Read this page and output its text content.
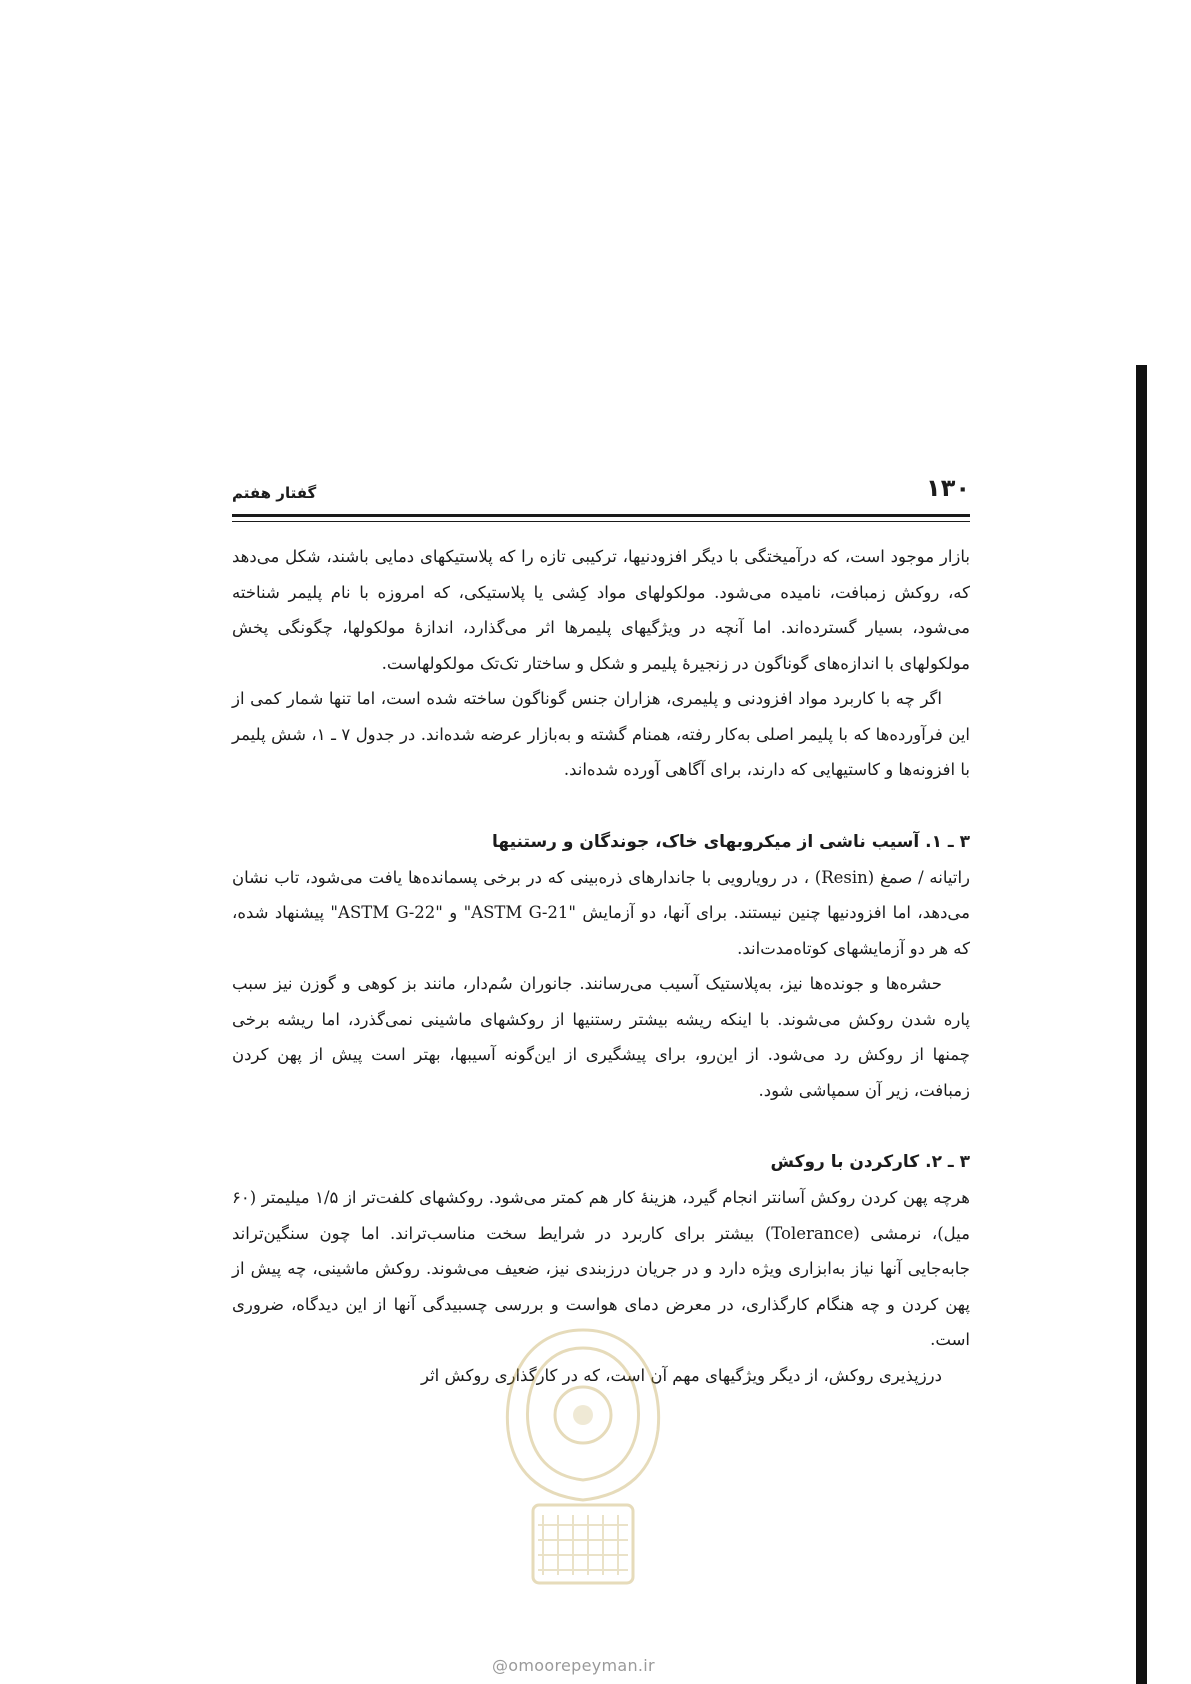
۱۳۰
گفتار هفتم

بازار موجود است، که درآمیختگی با دیگر افزودنیها، ترکیبی تازه را که پلاستیکهای دمایی باشند، شکل می‌دهد که، روکش زمبافت، نامیده می‌شود. مولکولهای مواد کِشی یا پلاستیکی، که امروزه با نام پلیمر شناخته می‌شود، بسیار گسترده‌اند. اما آنچه در ویژگیهای پلیمرها اثر می‌گذارد، اندازهٔ مولکولها، چگونگی پخش مولکولهای با اندازه‌های گوناگون در زنجیرهٔ پلیمر و شکل و ساختار تک‌تک مولکولهاست.

اگر چه با کاربرد مواد افزودنی و پلیمری، هزاران جنس گوناگون ساخته شده است، اما تنها شمار کمی از این فرآورده‌ها که با پلیمر اصلی به‌کار رفته، همنام گشته و به‌بازار عرضه شده‌اند. در جدول ۷ ـ ۱، شش پلیمر با افزونه‌ها و کاستیهایی که دارند، برای آگاهی آورده شده‌اند.

۳ ـ ۱. آسیب ناشی از میکروبهای خاک، جوندگان و رستنیها

راتیانه / صمغ (Resin) ، در رویارویی با جاندارهای ذره‌بینی که در برخی پسمانده‌ها یافت می‌شود، تاب نشان می‌دهد، اما افزودنیها چنین نیستند. برای آنها، دو آزمایش "ASTM G‑21" و "ASTM G‑22" پیشنهاد شده، که هر دو آزمایشهای کوتاه‌مدت‌اند.

حشره‌ها و جونده‌ها نیز، به‌پلاستیک آسیب می‌رسانند. جانوران سُم‌دار، مانند بز کوهی و گوزن نیز سبب پاره شدن روکش می‌شوند. با اینکه ریشه بیشتر رستنیها از روکشهای ماشینی نمی‌گذرد، اما ریشه برخی چمنها از روکش رد می‌شود. از این‌رو، برای پیشگیری از این‌گونه آسیبها، بهتر است پیش از پهن کردن زمبافت، زیر آن سمپاشی شود.

۳ ـ ۲. کارکردن با روکش

هرچه پهن کردن روکش آسانتر انجام گیرد، هزینهٔ کار هم کمتر می‌شود. روکشهای کلفت‌تر از ۱/۵ میلیمتر (۶۰ میل)، نرمشی (Tolerance) بیشتر برای کاربرد در شرایط سخت مناسب‌تراند. اما چون سنگین‌تراند جابه‌جایی آنها نیاز به‌ابزاری ویژه دارد و در جریان درزبندی نیز، ضعیف می‌شوند. روکش ماشینی، چه پیش از پهن کردن و چه هنگام کارگذاری، در معرض دمای هواست و بررسی چسبیدگی آنها از این دیدگاه، ضروری است.

درزپذیری روکش، از دیگر ویژگیهای مهم آن است، که در کارگذاری روکش اثر

@omoorepeyman.ir
